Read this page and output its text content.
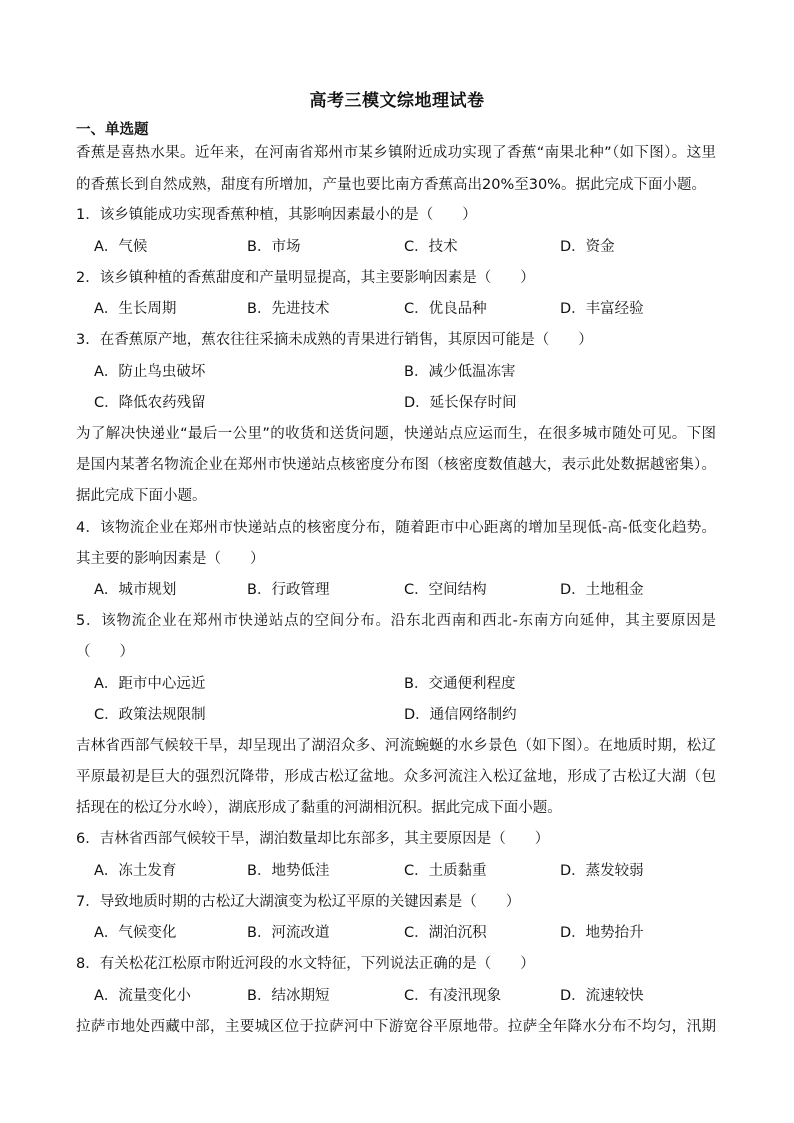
高考三模文综地理试卷
一、单选题
香蕉是喜热水果。近年来，在河南省郑州市某乡镇附近成功实现了香蕉“南果北种”（如下图）。这里
的香蕉长到自然成熟，甜度有所增加，产量也要比南方香蕉高出20%至30%。据此完成下面小题。
1．该乡镇能成功实现香蕉种植，其影响因素最小的是（　　）
A．气候	B．市场	C．技术	D．资金
2．该乡镇种植的香蕉甜度和产量明显提高，其主要影响因素是（　　）
A．生长周期	B．先进技术	C．优良品种	D．丰富经验
3．在香蕉原产地，蕉农往往采摘未成熟的青果进行销售，其原因可能是（　　）
A．防止鸟虫破坏	B．减少低温冻害
C．降低农药残留	D．延长保存时间
为了解决快递业“最后一公里”的收货和送货问题，快递站点应运而生，在很多城市随处可见。下图
是国内某著名物流企业在郑州市快递站点核密度分布图（核密度数值越大，表示此处数据越密集）。
据此完成下面小题。
4．该物流企业在郑州市快递站点的核密度分布，随着距市中心距离的增加呈现低-高-低变化趋势。
其主要的影响因素是（　　）
A．城市规划	B．行政管理	C．空间结构	D．土地租金
5．该物流企业在郑州市快递站点的空间分布。沿东北西南和西北-东南方向延伸，其主要原因是
（　　）
A．距市中心远近	B．交通便利程度
C．政策法规限制	D．通信网络制约
吉林省西部气候较干旱，却呈现出了湖沼众多、河流蜿蜒的水乡景色（如下图）。在地质时期，松辽
平原最初是巨大的强烈沉降带，形成古松辽盆地。众多河流注入松辽盆地，形成了古松辽大湖（包
括现在的松辽分水岭），湖底形成了黏重的河湖相沉积。据此完成下面小题。
6．吉林省西部气候较干旱，湖泊数量却比东部多，其主要原因是（　　）
A．冻土发育	B．地势低洼	C．土质黏重	D．蒸发较弱
7．导致地质时期的古松辽大湖演变为松辽平原的关键因素是（　　）
A．气候变化	B．河流改道	C．湖泊沉积	D．地势抬升
8．有关松花江松原市附近河段的水文特征，下列说法正确的是（　　）
A．流量变化小	B．结冰期短	C．有凌汛现象	D．流速较快
拉萨市地处西藏中部，主要城区位于拉萨河中下游宽谷平原地带。拉萨全年降水分布不均匀，汛期
